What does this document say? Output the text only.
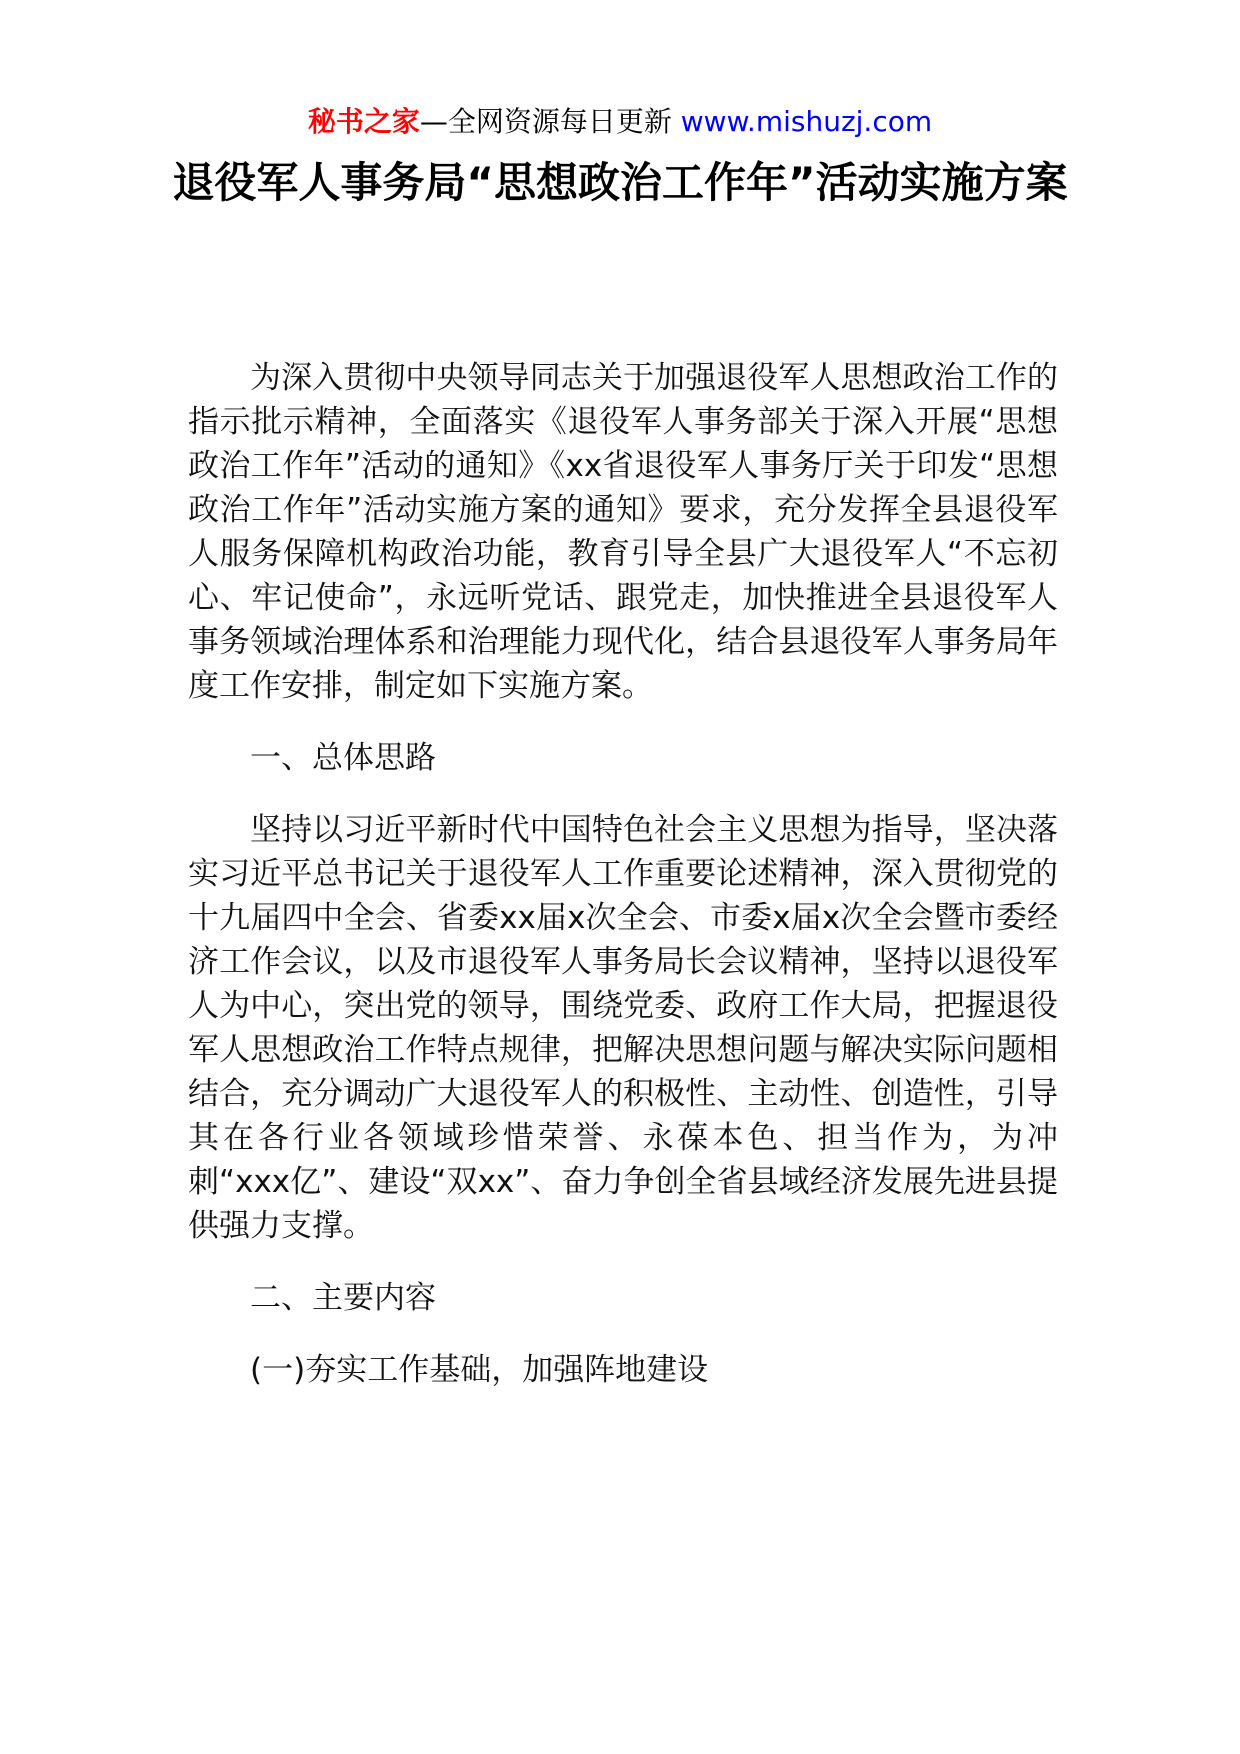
秘书之家—全网资源每日更新 www.mishuzj.com
退役军人事务局“思想政治工作年”活动实施方案

为深入贯彻中央领导同志关于加强退役军人思想政治工作的指示批示精神，全面落实《退役军人事务部关于深入开展“思想政治工作年”活动的通知》《xx省退役军人事务厅关于印发“思想政治工作年”活动实施方案的通知》要求，充分发挥全县退役军人服务保障机构政治功能，教育引导全县广大退役军人“不忘初心、牢记使命”，永远听党话、跟党走，加快推进全县退役军人事务领域治理体系和治理能力现代化，结合县退役军人事务局年度工作安排，制定如下实施方案。

一、总体思路

坚持以习近平新时代中国特色社会主义思想为指导，坚决落实习近平总书记关于退役军人工作重要论述精神，深入贯彻党的十九届四中全会、省委xx届x次全会、市委x届x次全会暨市委经济工作会议，以及市退役军人事务局长会议精神，坚持以退役军人为中心，突出党的领导，围绕党委、政府工作大局，把握退役军人思想政治工作特点规律，把解决思想问题与解决实际问题相结合，充分调动广大退役军人的积极性、主动性、创造性，引导其在各行业各领域珍惜荣誉、永葆本色、担当作为，为冲刺“xxx亿”、建设“双xx”、奋力争创全省县域经济发展先进县提供强力支撑。

二、主要内容

(一)夯实工作基础，加强阵地建设
